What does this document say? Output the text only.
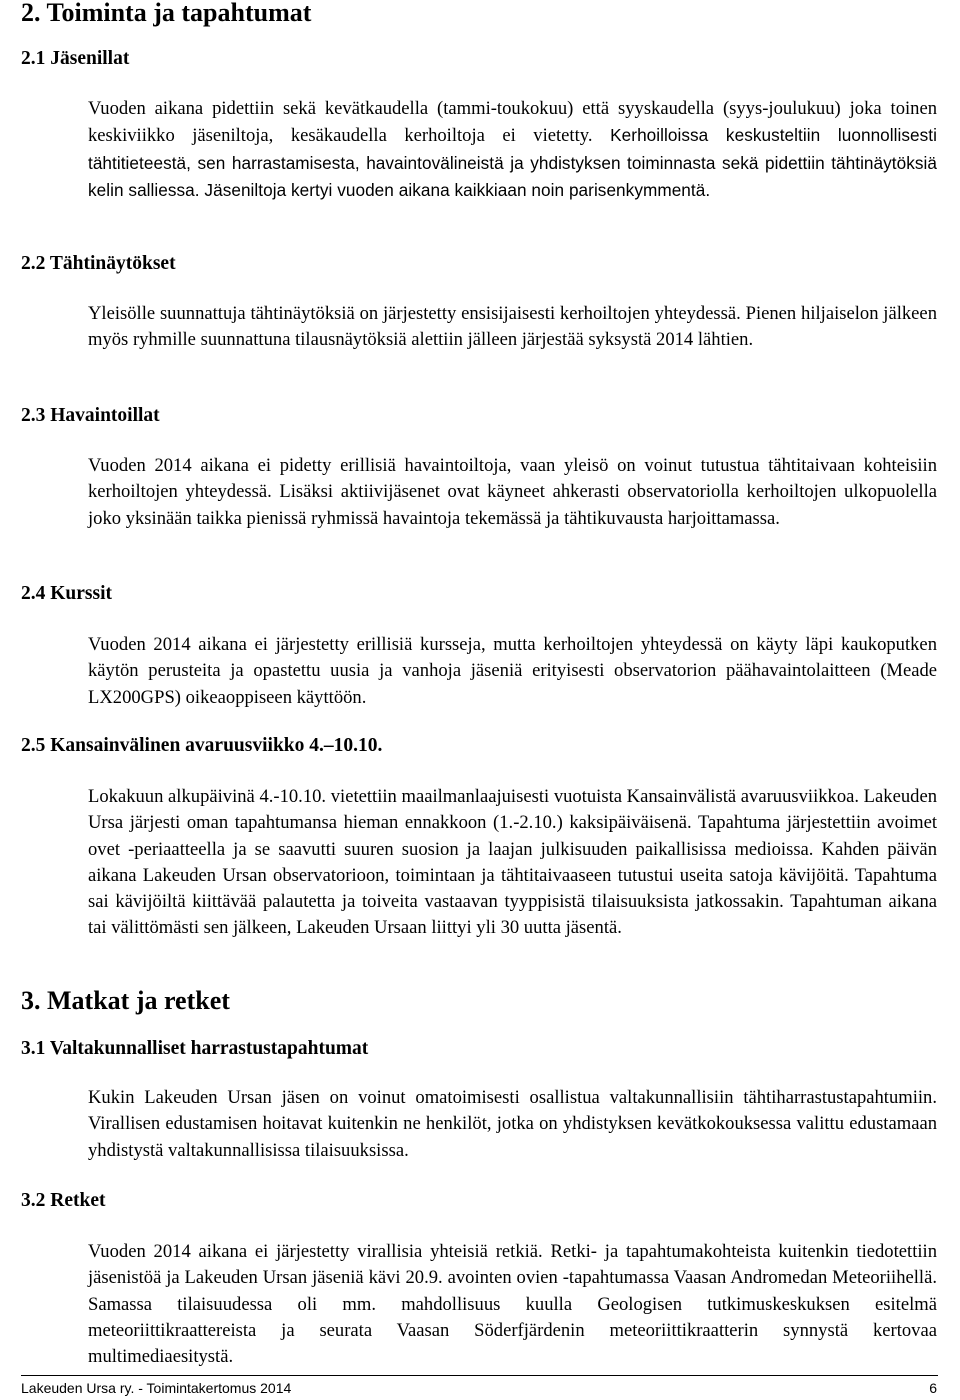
2. Toiminta ja tapahtumat
2.1 Jäsenillat

Vuoden aikana pidettiin sekä kevätkaudella (tammi-toukokuu) että syyskaudella (syys-joulukuu) joka toinen keskiviikko jäseniltoja, kesäkaudella kerhoiltoja ei vietetty. Kerhoilloissa keskusteltiin luonnollisesti tähtitieteestä, sen harrastamisesta, havaintovälineistä ja yhdistyksen toiminnasta sekä pidettiin tähtinäytöksiä kelin salliessa. Jäseniltoja kertyi vuoden aikana kaikkiaan noin parisenkymmentä.

2.2 Tähtinäytökset

Yleisölle suunnattuja tähtinäytöksiä on järjestetty ensisijaisesti kerhoiltojen yhteydessä. Pienen hiljaiselon jälkeen myös ryhmille suunnattuna tilausnäytöksiä alettiin jälleen järjestää syksystä 2014 lähtien.

2.3 Havaintoillat

Vuoden 2014 aikana ei pidetty erillisiä havaintoiltoja, vaan yleisö on voinut tutustua tähtitaivaan kohteisiin kerhoiltojen yhteydessä. Lisäksi aktiivijäsenet ovat käyneet ahkerasti observatoriolla kerhoiltojen ulkopuolella joko yksinään taikka pienissä ryhmissä havaintoja tekemässä ja tähtikuvausta harjoittamassa.

2.4 Kurssit

Vuoden 2014 aikana ei järjestetty erillisiä kursseja, mutta kerhoiltojen yhteydessä on käyty läpi kaukoputken käytön perusteita ja opastettu uusia ja vanhoja jäseniä erityisesti observatorion päähavaintolaitteen (Meade LX200GPS) oikeaoppiseen käyttöön.

2.5 Kansainvälinen avaruusviikko 4.–10.10.

Lokakuun alkupäivinä 4.-10.10. vietettiin maailmanlaajuisesti vuotuista Kansainvälistä avaruusviikkoa. Lakeuden Ursa järjesti oman tapahtumansa hieman ennakkoon (1.-2.10.) kaksipäiväisenä. Tapahtuma järjestettiin avoimet ovet -periaatteella ja se saavutti suuren suosion ja laajan julkisuuden paikallisissa medioissa. Kahden päivän aikana Lakeuden Ursan observatorioon, toimintaan ja tähtitaivaaseen tutustui useita satoja kävijöitä. Tapahtuma sai kävijöiltä kiittävää palautetta ja toiveita vastaavan tyyppisistä tilaisuuksista jatkossakin. Tapahtuman aikana tai välittömästi sen jälkeen, Lakeuden Ursaan liittyi yli 30 uutta jäsentä.

3. Matkat ja retket
3.1 Valtakunnalliset harrastustapahtumat

Kukin Lakeuden Ursan jäsen on voinut omatoimisesti osallistua valtakunnallisiin tähtiharrastustapahtumiin. Virallisen edustamisen hoitavat kuitenkin ne henkilöt, jotka on yhdistyksen kevätkokouksessa valittu edustamaan yhdistystä valtakunnallisissa tilaisuuksissa.

3.2 Retket

Vuoden 2014 aikana ei järjestetty virallisia yhteisiä retkiä. Retki- ja tapahtumakohteista kuitenkin tiedotettiin jäsenistöä ja Lakeuden Ursan jäseniä kävi 20.9. avointen ovien -tapahtumassa Vaasan Andromedan Meteoriihellä. Samassa tilaisuudessa oli mm. mahdollisuus kuulla Geologisen tutkimuskeskuksen esitelmä meteoriittikraattereista ja seurata Vaasan Söderfjärdenin meteoriittikraatterin synnystä kertovaa multimediaesitystä.

Lakeuden Ursa ry. - Toimintakertomus 2014	6
